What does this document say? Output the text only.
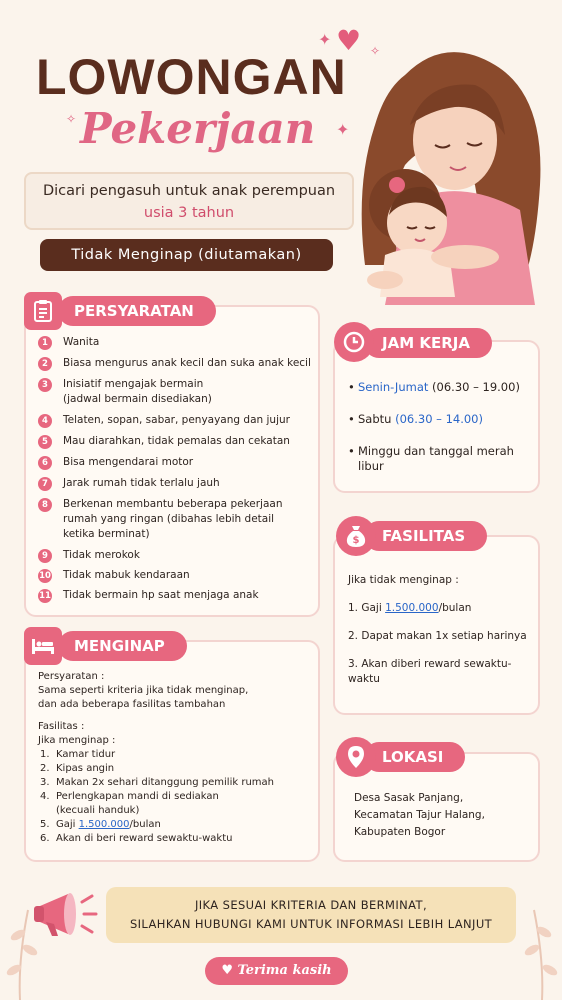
✦ ♥ ✧
✦
✧
LOWONGAN
Pekerjaan
Dicari pengasuh untuk anak perempuan
usia 3 tahun
Tidak Menginap (diutamakan)
PERSYARATAN
1	Wanita
2	Biasa mengurus anak kecil dan suka anak kecil
3	Inisiatif mengajak bermain
(jadwal bermain disediakan)
4	Telaten, sopan, sabar, penyayang dan jujur
5	Mau diarahkan, tidak pemalas dan cekatan
6	Bisa mengendarai motor
7	Jarak rumah tidak terlalu jauh
8	Berkenan membantu beberapa pekerjaan
rumah yang ringan (dibahas lebih detail
ketika berminat)
9	Tidak merokok
10 Tidak mabuk kendaraan
11 Tidak bermain hp saat menjaga anak
MENGINAP
Persyaratan :
Sama seperti kriteria jika tidak menginap,
dan ada beberapa fasilitas tambahan
Fasilitas :
Jika menginap :
1. Kamar tidur
2. Kipas angin
3. Makan 2x sehari ditanggung pemilik rumah
4. Perlengkapan mandi di sediakan
(kecuali handuk)
5. Gaji 1.500.000/bulan
6. Akan di beri reward sewaktu-waktu
JAM KERJA
• Senin-Jumat (06.30 – 19.00)
• Sabtu (06.30 – 14.00)
• Minggu dan tanggal merah libur
FASILITAS
$
Jika tidak menginap :
1. Gaji 1.500.000/bulan
2. Dapat makan 1x setiap harinya
3. Akan diberi reward sewaktu-waktu
LOKASI
Desa Sasak Panjang,
Kecamatan Tajur Halang,
Kabupaten Bogor
JIKA SESUAI KRITERIA DAN BERMINAT,
SILAHKAN HUBUNGI KAMI UNTUK INFORMASI LEBIH LANJUT
♥ Terima kasih
